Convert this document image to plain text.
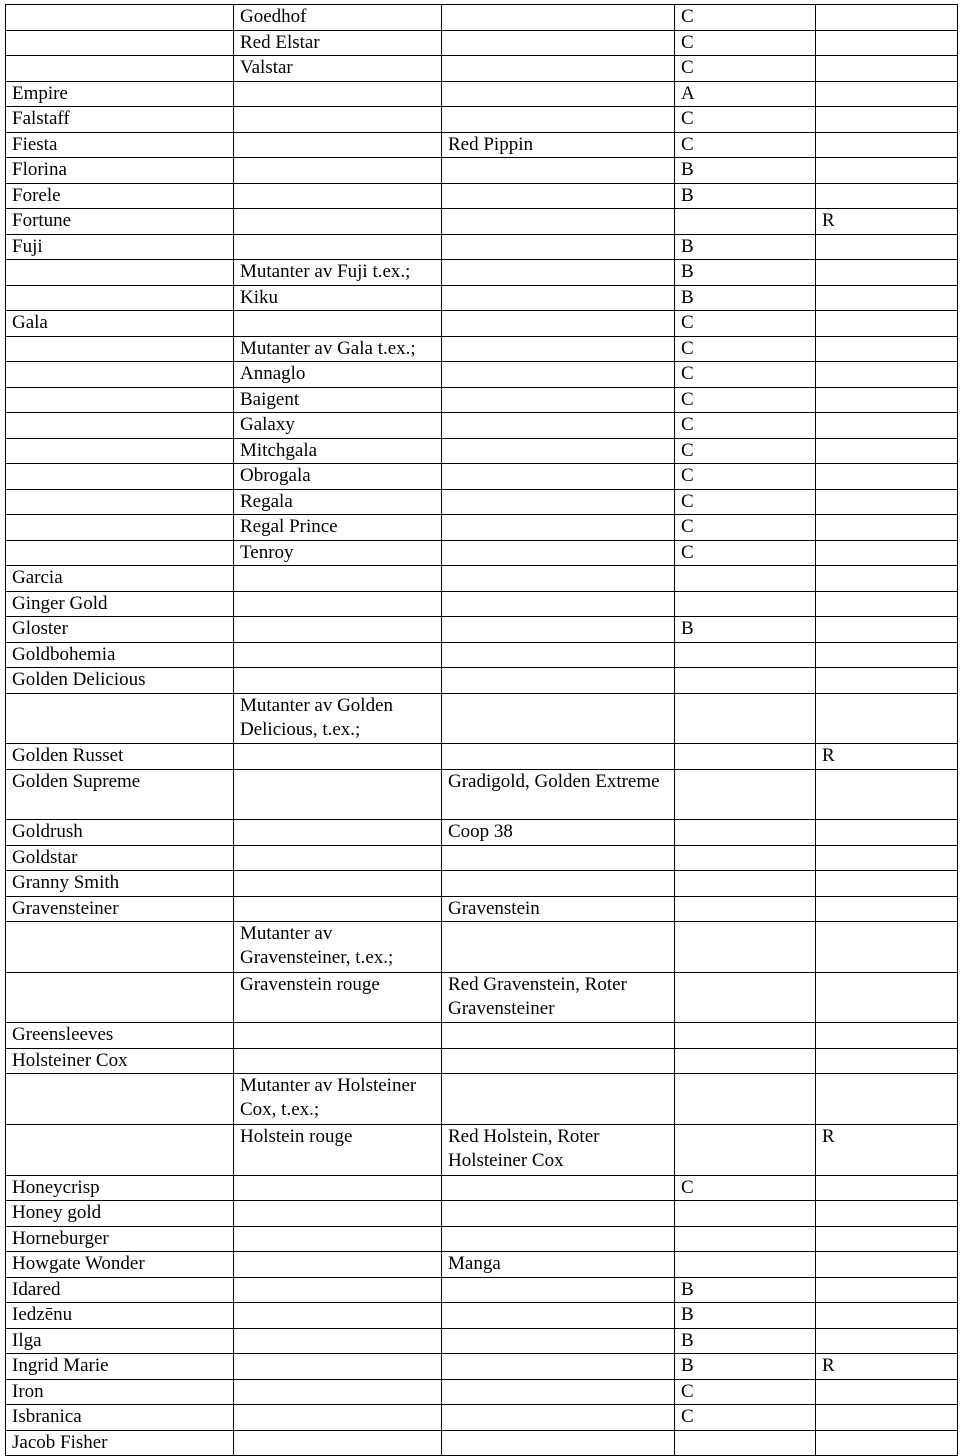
	Goedhof		C	
	Red Elstar		C	
	Valstar		C	
Empire			A	
Falstaff			C	
Fiesta		Red Pippin	C	
Florina			B	
Forele			B	
Fortune				R
Fuji			B	
	Mutanter av Fuji t.ex.;		B	
	Kiku		B	
Gala			C	
	Mutanter av Gala t.ex.;		C	
	Annaglo		C	
	Baigent		C	
	Galaxy		C	
	Mitchgala		C	
	Obrogala		C	
	Regala		C	
	Regal Prince		C	
	Tenroy		C	
Garcia				
Ginger Gold				
Gloster			B	
Goldbohemia				
Golden Delicious				
	Mutanter av Golden Delicious, t.ex.;			
Golden Russet				R
Golden Supreme		Gradigold, Golden Extreme		
Goldrush		Coop 38		
Goldstar				
Granny Smith				
Gravensteiner		Gravenstein		
	Mutanter av Gravensteiner, t.ex.;			
	Gravenstein rouge	Red Gravenstein, Roter Gravensteiner		
Greensleeves				
Holsteiner Cox				
	Mutanter av Holsteiner Cox, t.ex.;			
	Holstein rouge	Red Holstein, Roter Holsteiner Cox		R
Honeycrisp			C	
Honey gold				
Horneburger				
Howgate Wonder		Manga		
Idared			B	
Iedzēnu			B	
Ilga			B	
Ingrid Marie			B	R
Iron			C	
Isbranica			C	
Jacob Fisher				
